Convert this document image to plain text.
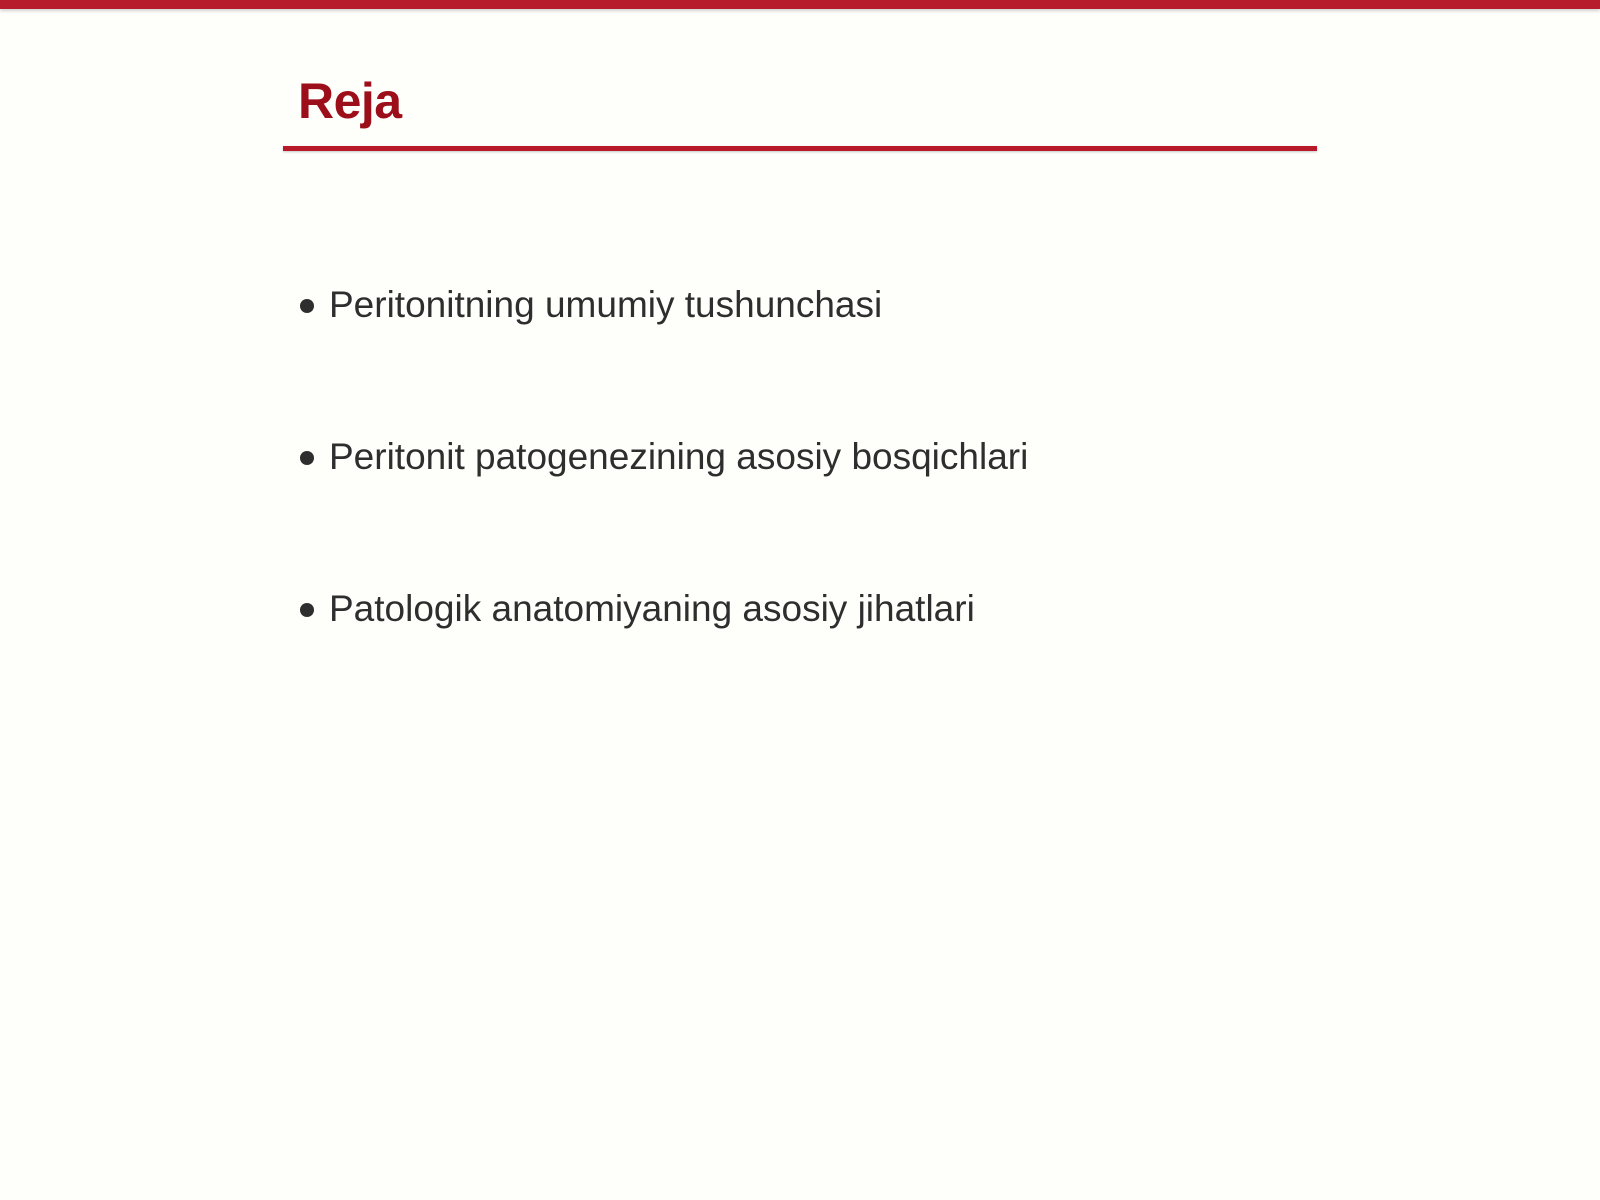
Reja
Peritonitning umumiy tushunchasi
Peritonit patogenezining asosiy bosqichlari
Patologik anatomiyaning asosiy jihatlari
